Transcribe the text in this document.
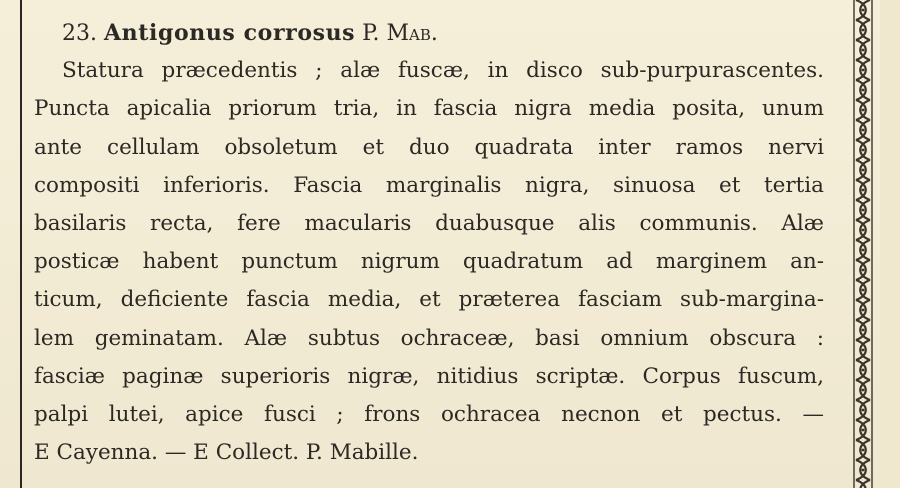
23. Antigonus corrosus P. Mab.
Statura præcedentis ; alæ fuscæ, in disco sub-purpurascentes.
Puncta apicalia priorum tria, in fascia nigra media posita, unum
ante cellulam obsoletum et duo quadrata inter ramos nervi
compositi inferioris. Fascia marginalis nigra, sinuosa et tertia
basilaris recta, fere macularis duabusque alis communis. Alæ
posticæ habent punctum nigrum quadratum ad marginem an-
ticum, deficiente fascia media, et præterea fasciam sub-margina-
lem geminatam. Alæ subtus ochraceæ, basi omnium obscura :
fasciæ paginæ superioris nigræ, nitidius scriptæ. Corpus fuscum,
palpi lutei, apice fusci ; frons ochracea necnon et pectus. —
E Cayenna. — E Collect. P. Mabille.
